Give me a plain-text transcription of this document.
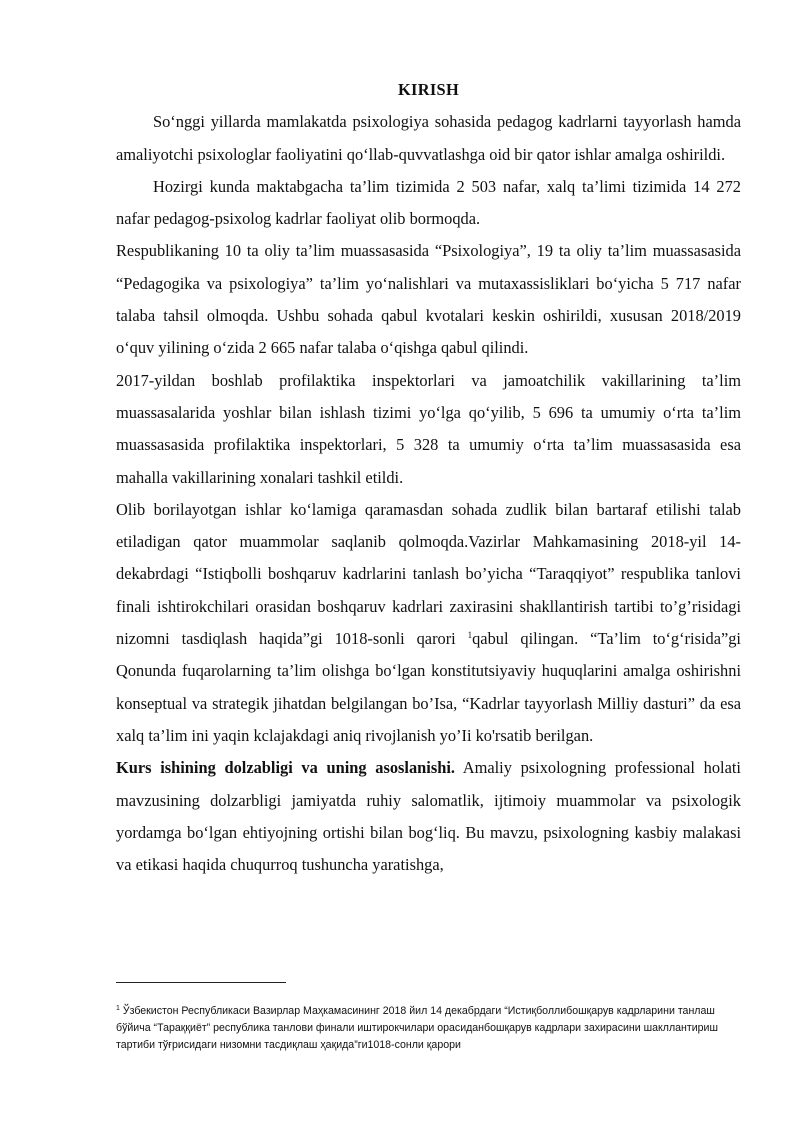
KIRISH

So‘nggi yillarda mamlakatda psixologiya sohasida pedagog kadrlarni tayyorlash hamda amaliyotchi psixologlar faoliyatini qo‘llab-quvvatlashga oid bir qator ishlar amalga oshirildi.

Hozirgi kunda maktabgacha ta’lim tizimida 2 503 nafar, xalq ta’limi tizimida 14 272 nafar pedagog-psixolog kadrlar faoliyat olib bormoqda.

Respublikaning 10 ta oliy ta’lim muassasasida “Psixologiya”, 19 ta oliy ta’lim muassasasida “Pedagogika va psixologiya” ta’lim yo‘nalishlari va mutaxassisliklari bo‘yicha 5 717 nafar talaba tahsil olmoqda. Ushbu sohada qabul kvotalari keskin oshirildi, xususan 2018/2019 o‘quv yilining o‘zida 2 665 nafar talaba o‘qishga qabul qilindi.

2017-yildan boshlab profilaktika inspektorlari va jamoatchilik vakillarining ta’lim muassasalarida yoshlar bilan ishlash tizimi yo‘lga qo‘yilib, 5 696 ta umumiy o‘rta ta’lim muassasasida profilaktika inspektorlari, 5 328 ta umumiy o‘rta ta’lim muassasasida esa mahalla vakillarining xonalari tashkil etildi.

Olib borilayotgan ishlar ko‘lamiga qaramasdan sohada zudlik bilan bartaraf etilishi talab etiladigan qator muammolar saqlanib qolmoqda.Vazirlar Mahkamasining 2018-yil 14-dekabrdagi “Istiqbolli boshqaruv kadrlarini tanlash bo’yicha “Taraqqiyot” respublika tanlovi finali ishtirokchilari orasidan boshqaruv kadrlari zaxirasini shakllantirish tartibi to’g’risidagi nizomni tasdiqlash haqida”gi 1018-sonli qarori $^1$qabul qilingan. “Ta’lim to‘g‘risida”gi Qonunda fuqarolarning ta’lim olishga bo‘lgan konstitutsiyaviy huquqlarini amalga oshirishni konseptual va strategik jihatdan belgilangan bo’Isa, “Kadrlar tayyorlash Milliy dasturi” da esa xalq ta’lim ini yaqin kclajakdagi aniq rivojlanish yo’Ii ko'rsatib berilgan.

Kurs ishining dolzabligi va uning asoslanishi. Amaliy psixologning professional holati mavzusining dolzarbligi jamiyatda ruhiy salomatlik, ijtimoiy muammolar va psixologik yordamga bo‘lgan ehtiyojning ortishi bilan bog‘liq. Bu mavzu, psixologning kasbiy malakasi va etikasi haqida chuqurroq tushuncha yaratishga,

$^1$ Ўзбекистон Республикаси Вазирлар Маҳкамасининг 2018 йил 14 декабрдаги “Истиқболлибошқарув кадрларини танлаш бўйича “Тараққиёт” республика танлови финали иштирокчилари орасиданбошқарув кадрлари захирасини шакллантириш тартиби тўғрисидаги низомни тасдиқлаш ҳақида”ги1018-сонли қарори
